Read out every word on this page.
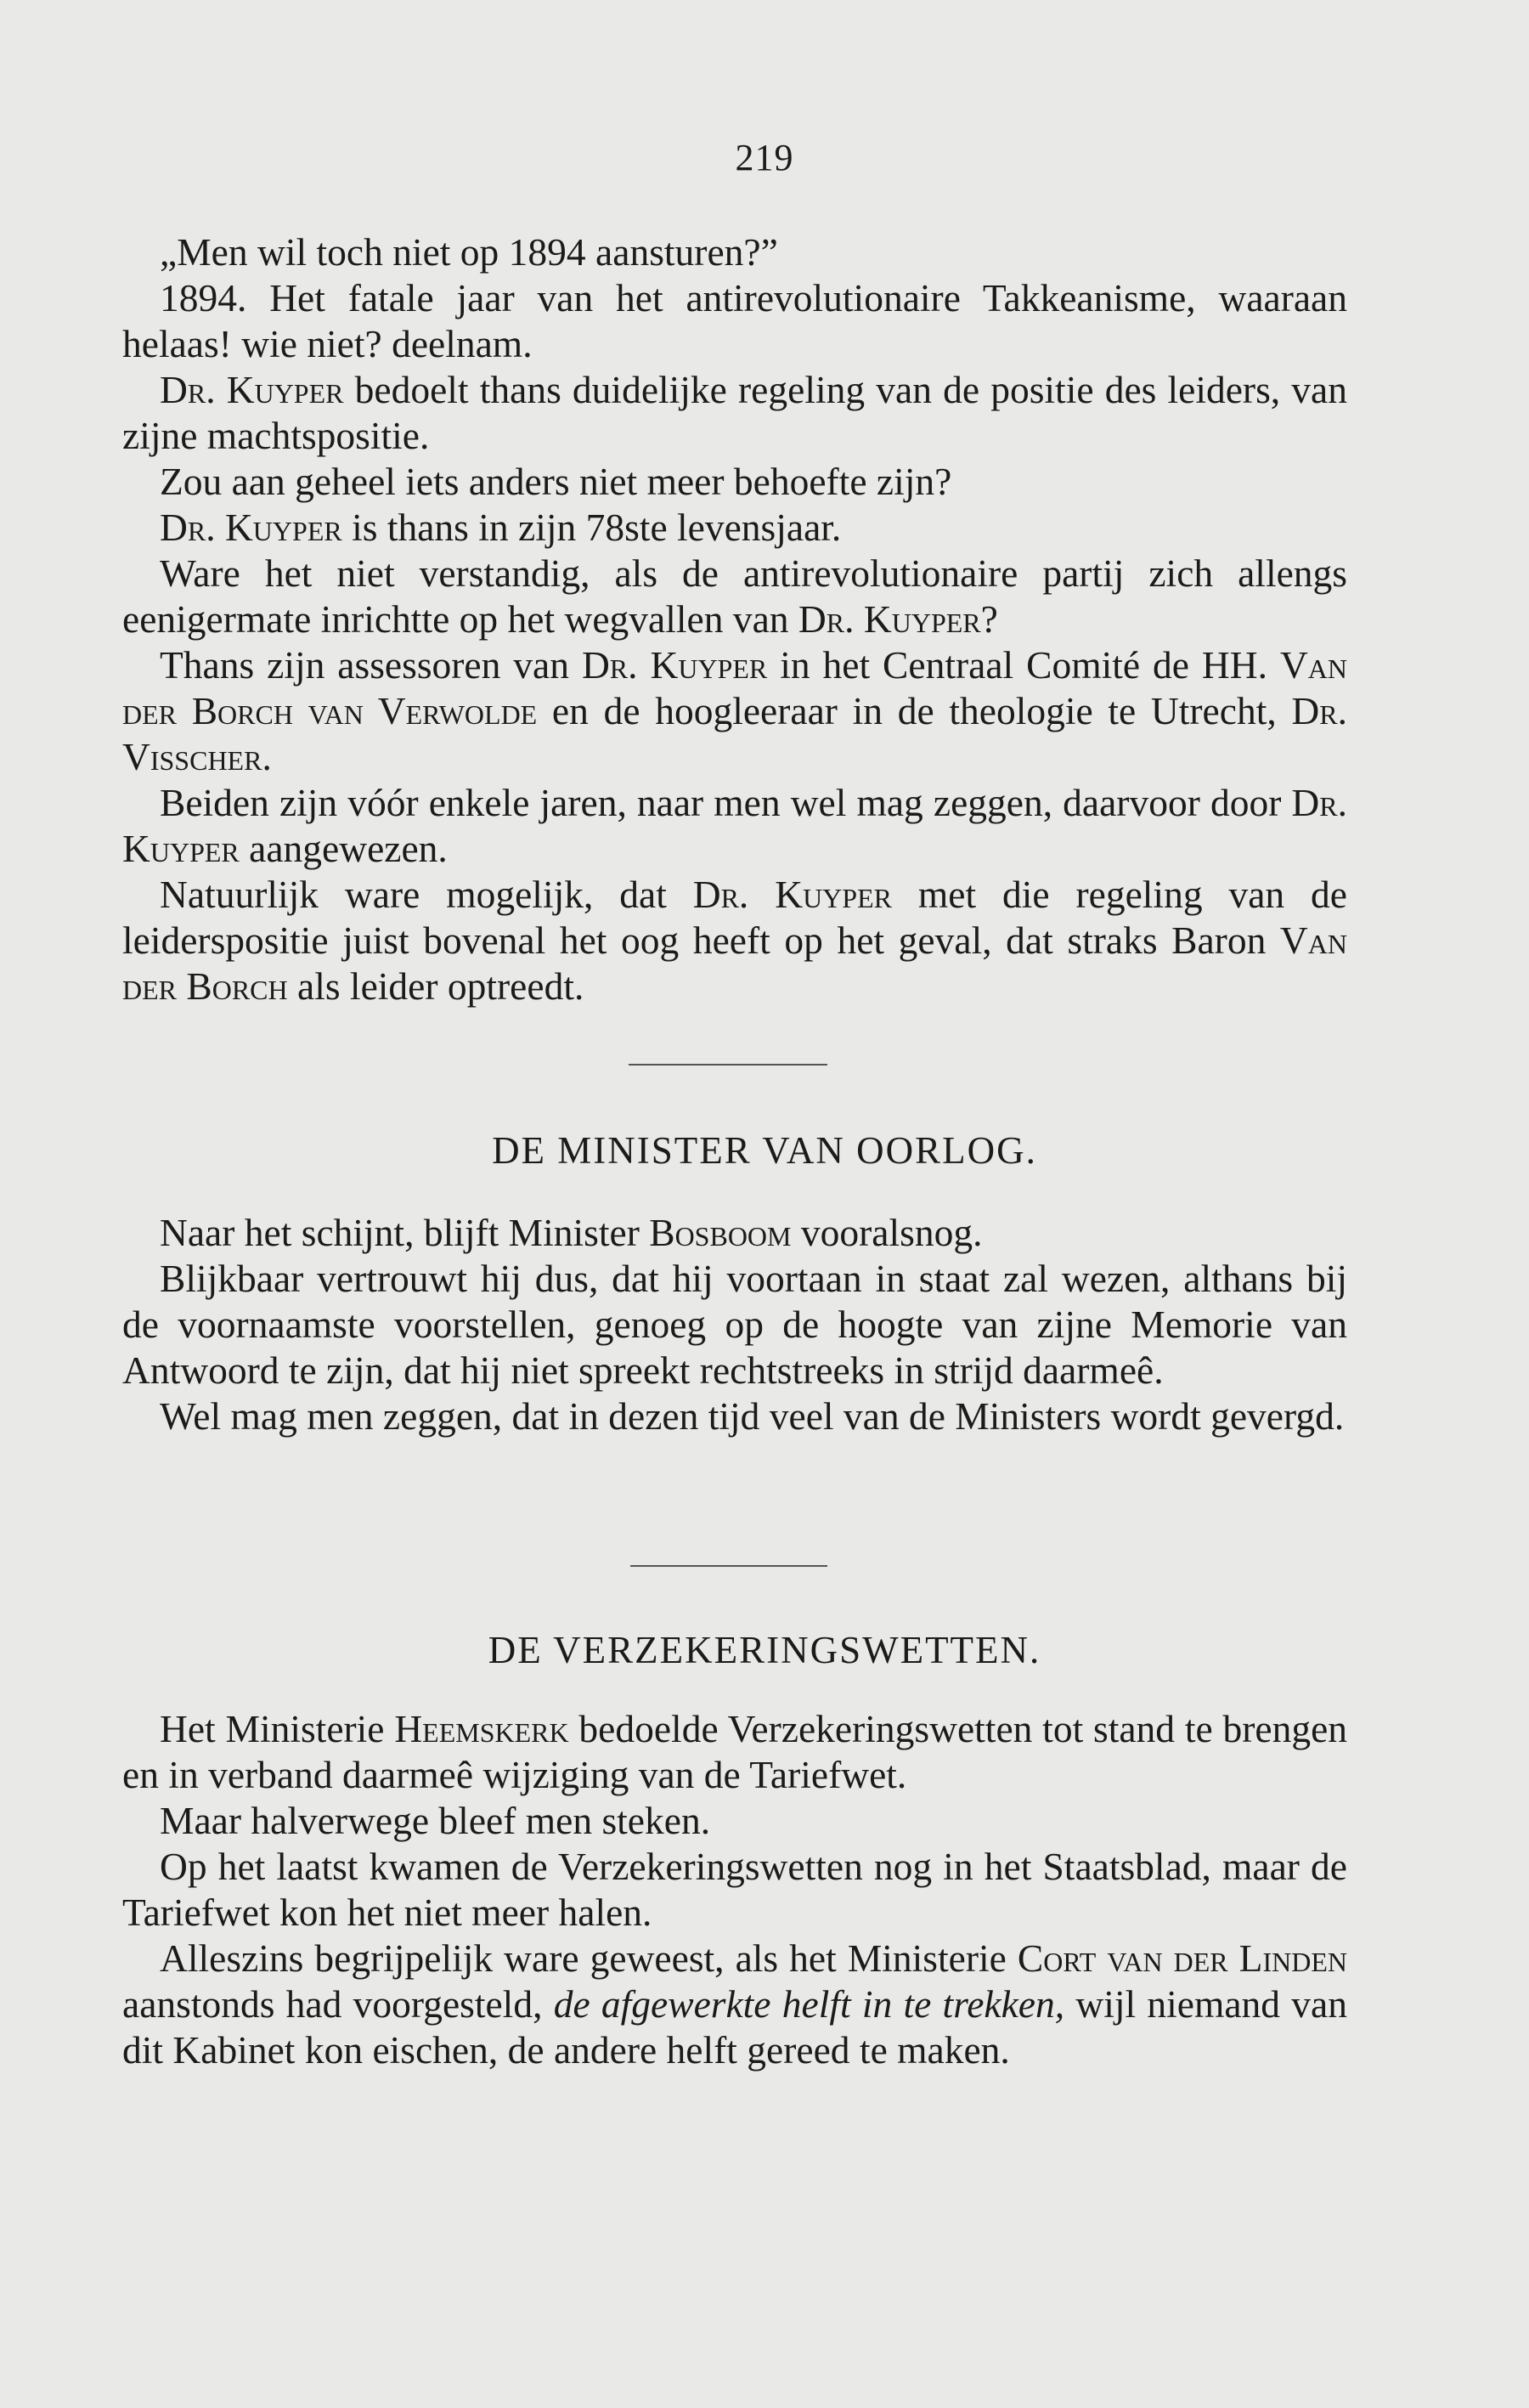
219

„Men wil toch niet op 1894 aansturen?”

1894. Het fatale jaar van het antirevolutionaire Takkeanisme, waaraan helaas! wie niet? deelnam.

Dr. Kuyper bedoelt thans duidelijke regeling van de positie des leiders, van zijne machtspositie.

Zou aan geheel iets anders niet meer behoefte zijn?

Dr. Kuyper is thans in zijn 78ste levensjaar.

Ware het niet verstandig, als de antirevolutionaire partij zich allengs eenigermate inrichtte op het wegvallen van Dr. Kuyper?

Thans zijn assessoren van Dr. Kuyper in het Centraal Comité de HH. Van der Borch van Verwolde en de hoogleeraar in de theologie te Utrecht, Dr. Visscher.

Beiden zijn vóór enkele jaren, naar men wel mag zeggen, daarvoor door Dr. Kuyper aangewezen.

Natuurlijk ware mogelijk, dat Dr. Kuyper met die regeling van de leiderspositie juist bovenal het oog heeft op het geval, dat straks Baron Van der Borch als leider optreedt.

DE MINISTER VAN OORLOG.

Naar het schijnt, blijft Minister Bosboom vooralsnog.

Blijkbaar vertrouwt hij dus, dat hij voortaan in staat zal wezen, althans bij de voornaamste voorstellen, genoeg op de hoogte van zijne Memorie van Antwoord te zijn, dat hij niet spreekt rechtstreeks in strijd daarmeê.

Wel mag men zeggen, dat in dezen tijd veel van de Ministers wordt gevergd.

DE VERZEKERINGSWETTEN.

Het Ministerie Heemskerk bedoelde Verzekeringswetten tot stand te brengen en in verband daarmeê wijziging van de Tariefwet.

Maar halverwege bleef men steken.

Op het laatst kwamen de Verzekeringswetten nog in het Staatsblad, maar de Tariefwet kon het niet meer halen.

Alleszins begrijpelijk ware geweest, als het Ministerie Cort van der Linden aanstonds had voorgesteld, de afgewerkte helft in te trekken, wijl niemand van dit Kabinet kon eischen, de andere helft gereed te maken.
